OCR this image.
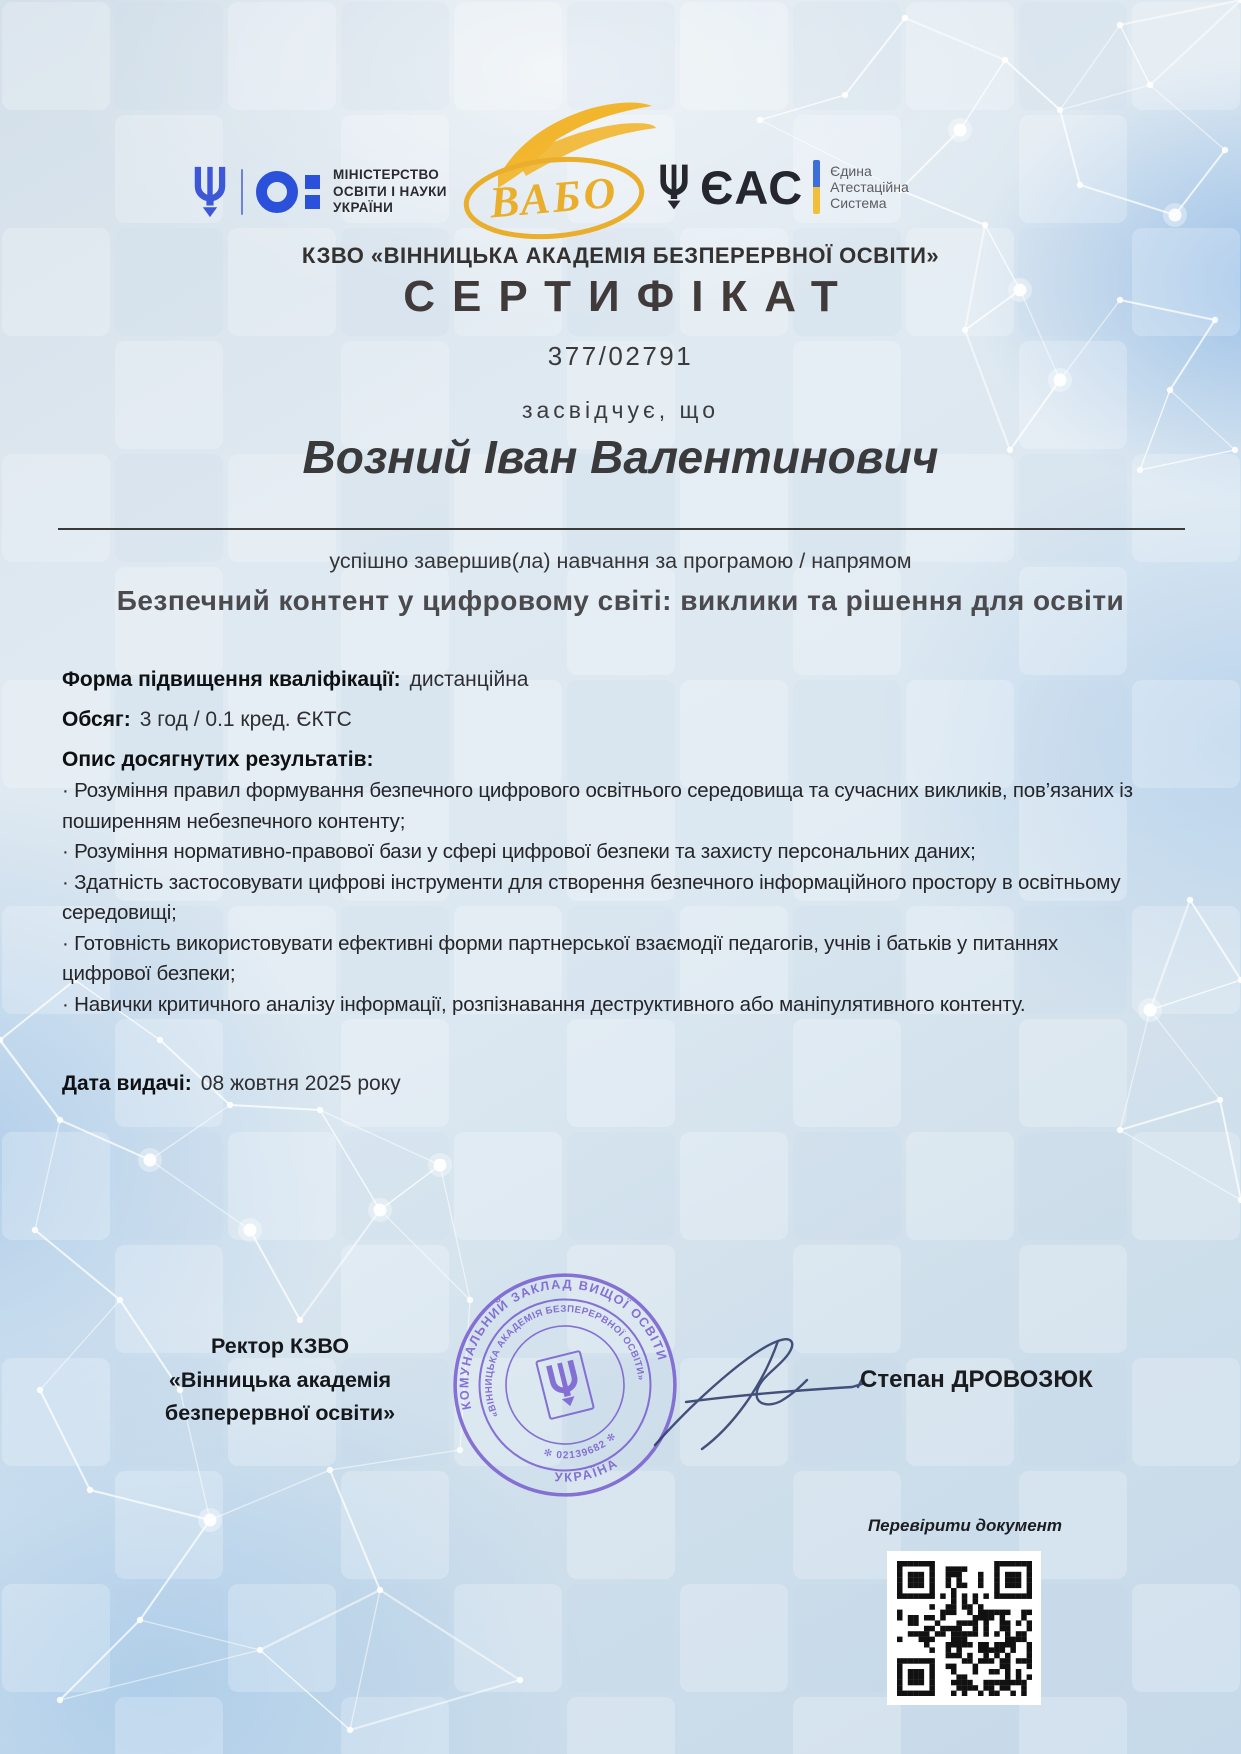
МІНІСТЕРСТВО
ОСВІТИ І НАУКИ
УКРАЇНИ	ВАБО ЄАС Єдина
Атестаційна
Система
КЗВО «ВІННИЦЬКА АКАДЕМІЯ БЕЗПЕРЕРВНОЇ ОСВІТИ»
СЕРТИФІКАТ
377/02791
засвідчує, що
Возний Іван Валентинович
успішно завершив(ла) навчання за програмою / напрямом
Безпечний контент у цифровому світі: виклики та рішення для освіти
Форма підвищення кваліфікації: дистанційна
Обсяг: 3 год / 0.1 кред. ЄКТС
Опис досягнутих результатів:
· Розуміння правил формування безпечного цифрового освітнього середовища та сучасних викликів, пов’язаних із поширенням небезпечного контенту;
· Розуміння нормативно-правової бази у сфері цифрової безпеки та захисту персональних даних;
· Здатність застосовувати цифрові інструменти для створення безпечного інформаційного простору в освітньому середовищі;
· Готовність використовувати ефективні форми партнерської взаємодії педагогів, учнів і батьків у питаннях цифрової безпеки;
· Навички критичного аналізу інформації, розпізнавання деструктивного або маніпулятивного контенту.
Дата видачі: 08 жовтня 2025 року
Ректор КЗВО
«Вінницька академія
безперервної освіти»	КОМУНАЛЬНИЙ ЗАКЛАД ВИЩОЇ ОСВІТИ
УКРАЇНА
«ВІННИЦЬКА АКАДЕМІЯ БЕЗПЕРЕРВНОЇ ОСВІТИ»
✻ 02139682 ✻
Степан ДРОВОЗЮК
Перевірити документ
